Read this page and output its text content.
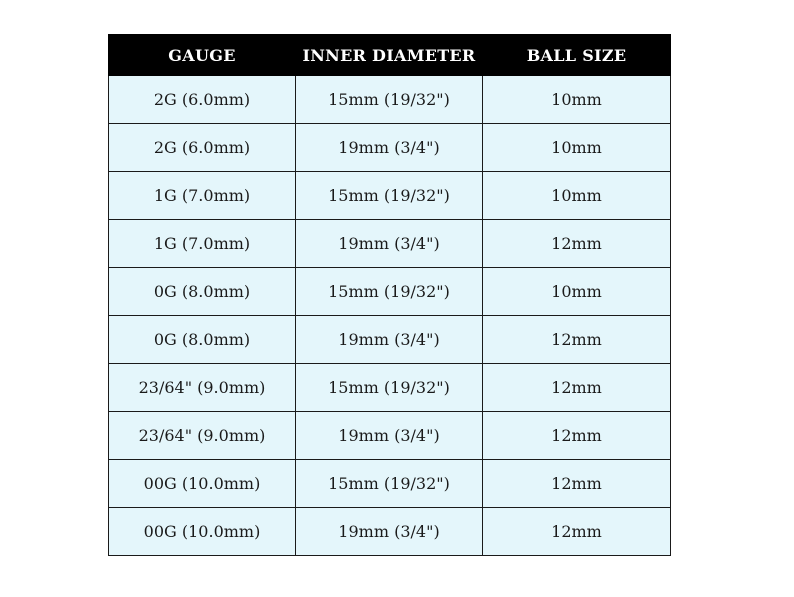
GAUGE	INNER DIAMETER	BALL SIZE
2G (6.0mm)	15mm (19/32")	10mm
2G (6.0mm)	19mm (3/4")	10mm
1G (7.0mm)	15mm (19/32")	10mm
1G (7.0mm)	19mm (3/4")	12mm
0G (8.0mm)	15mm (19/32")	10mm
0G (8.0mm)	19mm (3/4")	12mm
23/64" (9.0mm)	15mm (19/32")	12mm
23/64" (9.0mm)	19mm (3/4")	12mm
00G (10.0mm)	15mm (19/32")	12mm
00G (10.0mm)	19mm (3/4")	12mm
